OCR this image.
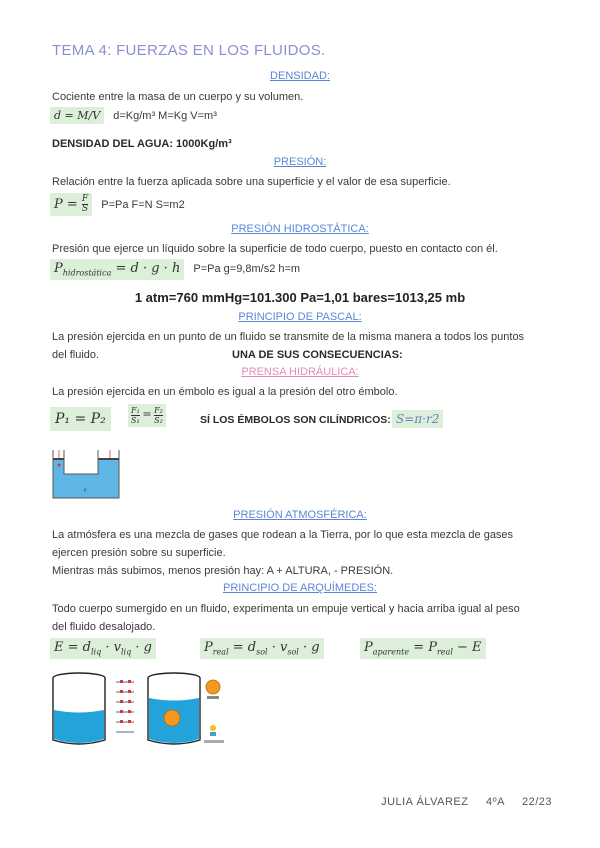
TEMA 4: FUERZAS EN LOS FLUIDOS.
DENSIDAD:
Cociente entre la masa de un cuerpo y su volumen.
d = M/V d=Kg/m³ M=Kg V=m³
DENSIDAD DEL AGUA: 1000Kg/m³
PRESIÓN:
Relación entre la fuerza aplicada sobre una superficie y el valor de esa superficie.
$P = \frac{F}{S} P=Pa$ F=N S=m2
PRESIÓN HIDROSTÁTICA:
Presión que ejerce un líquido sobre la superficie de todo cuerpo, puesto en contacto con él.
$P_{hidrostática} = d \cdot g \cdot h$ P=Pa g=9,8m/s2 h=m
1 atm=760 mmHg=101.300 Pa=1,01 bares=1013,25 mb
PRINCIPIO DE PASCAL:
La presión ejercida en un punto de un fluido se transmite de la misma manera a todos los puntos
del fluido.	UNA DE SUS CONSECUENCIAS:
PRENSA HIDRÁULICA:
La presión ejercida en un émbolo es igual a la presión del otro émbolo.
P₁ = P₂	$\frac{\text{F₁}}{\text{S₁}} = \frac{\text{F₂}}{\text{S₂}}$	SÍ LOS ÉMBOLOS SON CILÍNDRICOS: S=π·r2
P
PRESIÓN ATMOSFÉRICA:
La atmósfera es una mezcla de gases que rodean a la Tierra, por lo que esta mezcla de gases
ejercen presión sobre su superficie.
Mientras más subimos, menos presión hay: A + ALTURA, - PRESIÓN.
PRINCIPIO DE ARQUÍMEDES:
Todo cuerpo sumergido en un fluido, experimenta un empuje vertical y hacia arriba igual al peso
del fluido desalojado.
$E = d_{liq} \cdot v_{liq} \cdot g$	$P_{real} = d_{sol} \cdot v_{sol} \cdot g$	$P_{aparente} = P_{real} - E$
JULIA ÁLVAREZ 4ºA 22/23
